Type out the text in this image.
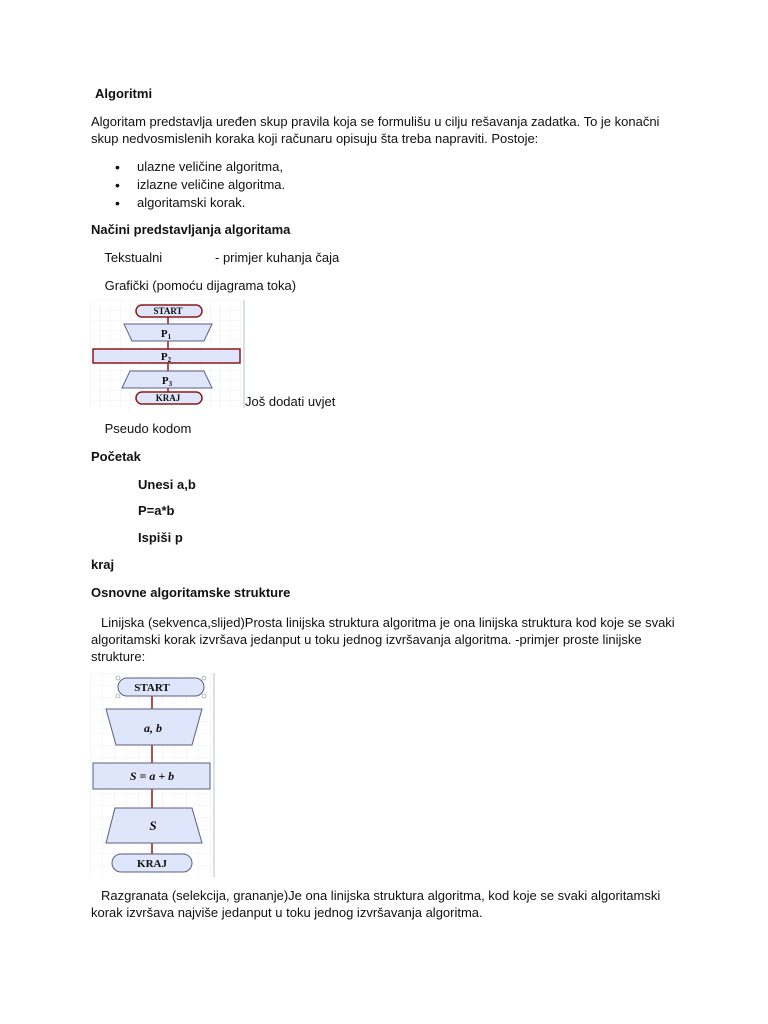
Algoritmi

Algoritam predstavlja uređen skup pravila koja se formulišu u cilju rešavanja zadatka. To je konačni skup nedvosmislenih koraka koji računaru opisuju šta treba napraviti. Postoje:

• ulazne veličine algoritma,
• izlazne veličine algoritma.
• algoritamski korak.
Načini predstavljanja algoritama
Tekstualni	- primjer kuhanja čaja
Grafički (pomoću dijagrama toka)
START
P1
P2
P3
KRAJ	Još dodati uvjet
Pseudo kodom
Početak
Unesi a,b
P=a*b
Ispiši p
kraj
Osnovne algoritamske strukture

Linijska (sekvenca,slijed)Prosta linijska struktura algoritma je ona linijska struktura kod koje se svaki algoritamski korak izvršava jedanput u toku jednog izvršavanja algoritma. -primjer proste linijske strukture:

START
a, b
S = a + b
S
KRAJ

Razgranata (selekcija, grananje)Je ona linijska struktura algoritma, kod koje se svaki algoritamski korak izvršava najviše jedanput u toku jednog izvršavanja algoritma.
